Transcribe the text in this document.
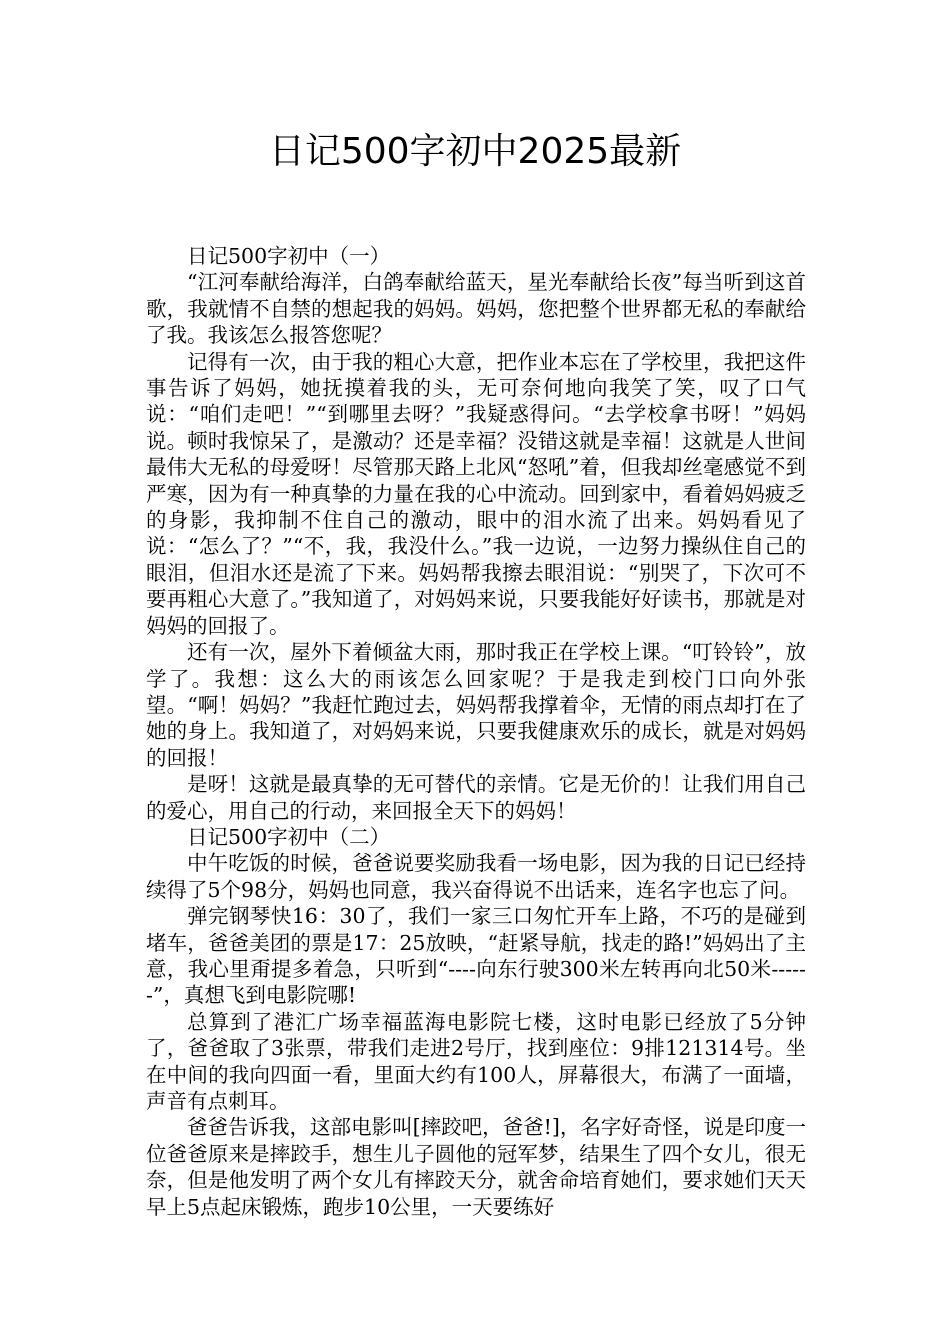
日记500字初中2025最新

日记500字初中（一）

“江河奉献给海洋，白鸽奉献给蓝天，星光奉献给长夜”每当听到这首歌，我就情不自禁的想起我的妈妈。妈妈，您把整个世界都无私的奉献给了我。我该怎么报答您呢？

记得有一次，由于我的粗心大意，把作业本忘在了学校里，我把这件事告诉了妈妈，她抚摸着我的头，无可奈何地向我笑了笑，叹了口气说：“咱们走吧！”“到哪里去呀？”我疑惑得问。“去学校拿书呀！”妈妈说。顿时我惊呆了，是激动？还是幸福？没错这就是幸福！这就是人世间最伟大无私的母爱呀！尽管那天路上北风“怒吼”着，但我却丝毫感觉不到严寒，因为有一种真挚的力量在我的心中流动。回到家中，看着妈妈疲乏的身影，我抑制不住自己的激动，眼中的泪水流了出来。妈妈看见了说：“怎么了？”“不，我，我没什么。”我一边说，一边努力操纵住自己的眼泪，但泪水还是流了下来。妈妈帮我擦去眼泪说：“别哭了，下次可不要再粗心大意了。”我知道了，对妈妈来说，只要我能好好读书，那就是对妈妈的回报了。

还有一次，屋外下着倾盆大雨，那时我正在学校上课。“叮铃铃”，放学了。我想：这么大的雨该怎么回家呢？于是我走到校门口向外张望。“啊！妈妈？”我赶忙跑过去，妈妈帮我撑着伞，无情的雨点却打在了她的身上。我知道了，对妈妈来说，只要我健康欢乐的成长，就是对妈妈的回报！

是呀！这就是最真挚的无可替代的亲情。它是无价的！让我们用自己的爱心，用自己的行动，来回报全天下的妈妈！

日记500字初中（二）

中午吃饭的时候，爸爸说要奖励我看一场电影，因为我的日记已经持续得了5个98分，妈妈也同意，我兴奋得说不出话来，连名字也忘了问。

弹完钢琴快16：30了，我们一家三口匆忙开车上路，不巧的是碰到堵车，爸爸美团的票是17：25放映，“赶紧导航，找走的路!”妈妈出了主意，我心里甭提多着急，只听到“----向东行驶300米左转再向北50米------”，真想飞到电影院哪!

总算到了港汇广场幸福蓝海电影院七楼，这时电影已经放了5分钟了，爸爸取了3张票，带我们走进2号厅，找到座位：9排121314号。坐在中间的我向四面一看，里面大约有100人，屏幕很大，布满了一面墙，声音有点刺耳。

爸爸告诉我，这部电影叫[摔跤吧，爸爸!]，名字好奇怪，说是印度一位爸爸原来是摔跤手，想生儿子圆他的冠军梦，结果生了四个女儿，很无奈，但是他发明了两个女儿有摔跤天分，就舍命培育她们，要求她们天天早上5点起床锻炼，跑步10公里，一天要练好
